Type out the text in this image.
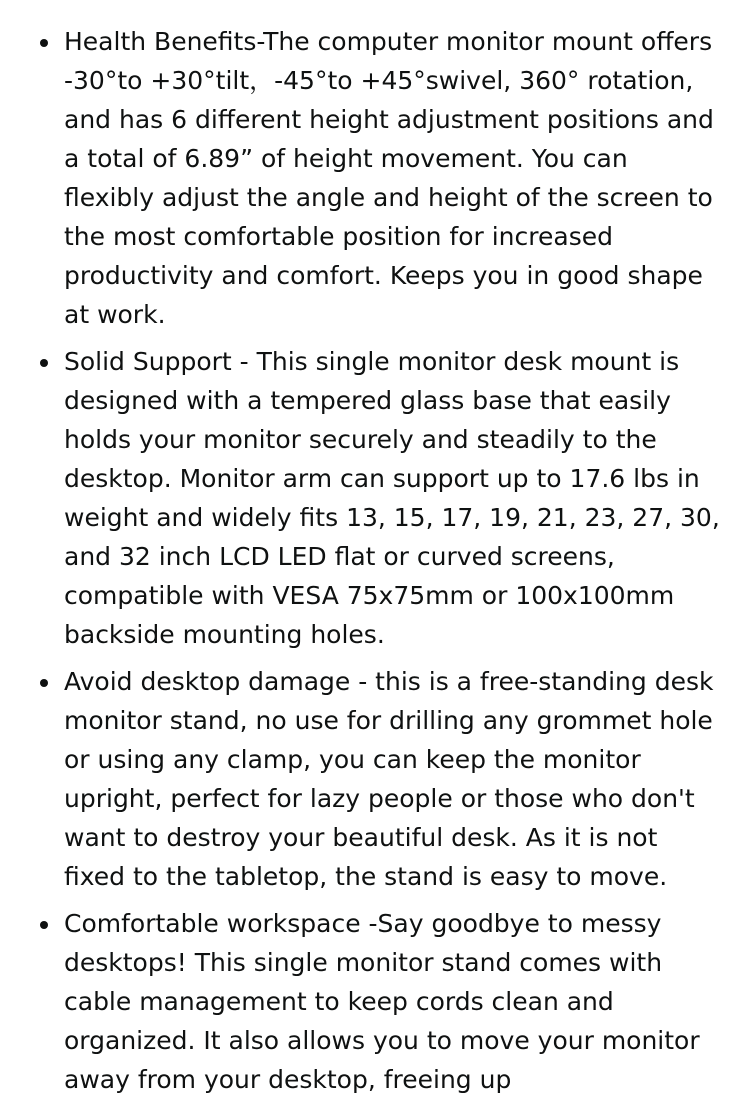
Health Benefits-The computer monitor mount offers -30°to +30°tilt，-45°to +45°swivel, 360° rotation, and has 6 different height adjustment positions and a total of 6.89” of height movement. You can flexibly adjust the angle and height of the screen to the most comfortable position for increased productivity and comfort. Keeps you in good shape at work.
Solid Support - This single monitor desk mount is designed with a tempered glass base that easily holds your monitor securely and steadily to the desktop. Monitor arm can support up to 17.6 lbs in weight and widely fits 13, 15, 17, 19, 21, 23, 27, 30, and 32 inch LCD LED flat or curved screens, compatible with VESA 75x75mm or 100x100mm backside mounting holes.
Avoid desktop damage - this is a free-standing desk monitor stand, no use for drilling any grommet hole or using any clamp, you can keep the monitor upright, perfect for lazy people or those who don't want to destroy your beautiful desk. As it is not fixed to the tabletop, the stand is easy to move.
Comfortable workspace -Say goodbye to messy desktops! This single monitor stand comes with cable management to keep cords clean and organized. It also allows you to move your monitor away from your desktop, freeing up
